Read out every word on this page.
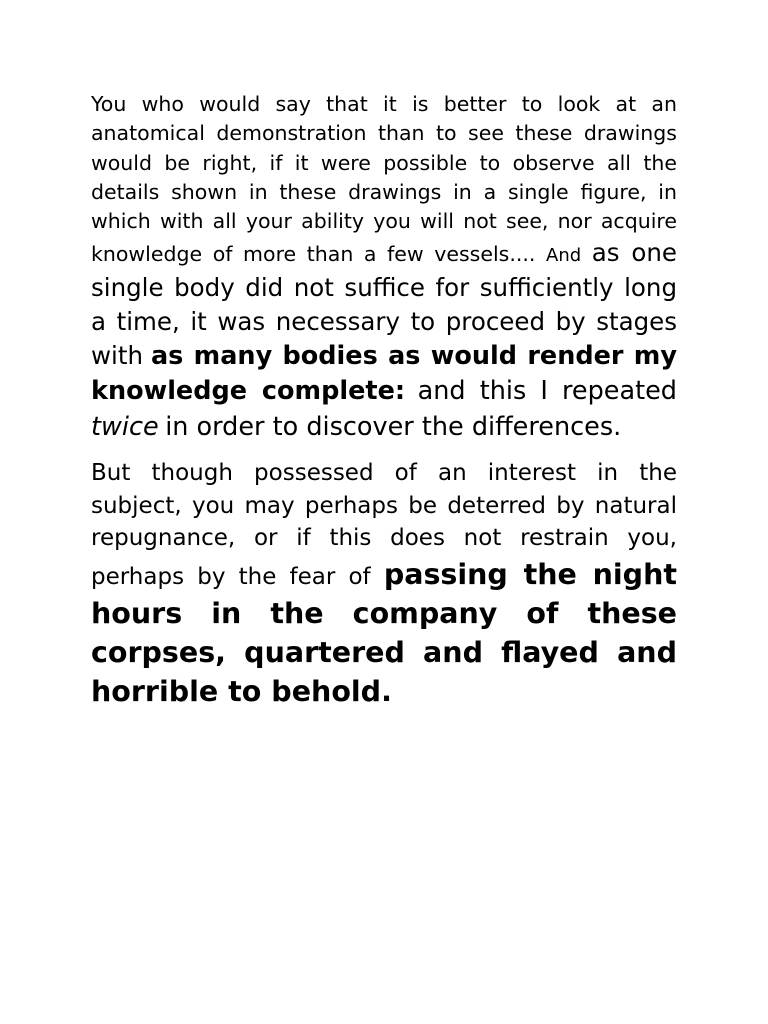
You who would say that it is better to look at an anatomical demonstration than to see these drawings would be right, if it were possible to observe all the details shown in these drawings in a single figure, in which with all your ability you will not see, nor acquire knowledge of more than a few vessels.... And as one single body did not suffice for sufficiently long a time, it was necessary to proceed by stages with as many bodies as would render my knowledge complete: and this I repeated twice in order to discover the differences.

But though possessed of an interest in the subject, you may perhaps be deterred by natural repugnance, or if this does not restrain you, perhaps by the fear of passing the night hours in the company of these corpses, quartered and flayed and horrible to behold.
